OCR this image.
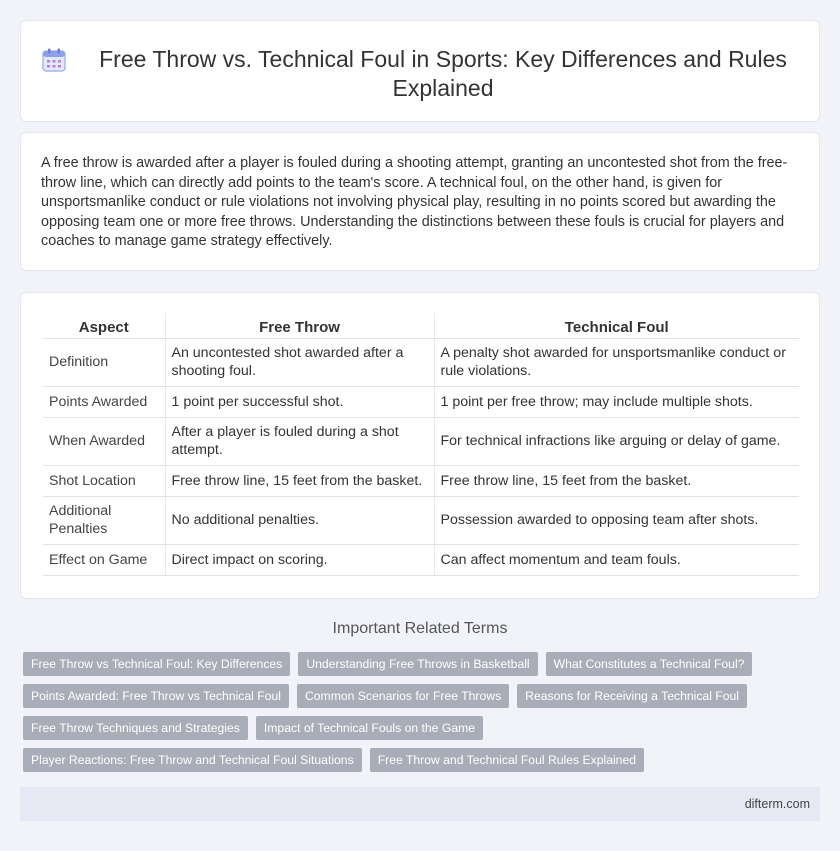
Free Throw vs. Technical Foul in Sports: Key Differences and Rules Explained

A free throw is awarded after a player is fouled during a shooting attempt, granting an uncontested shot from the free-throw line, which can directly add points to the team's score. A technical foul, on the other hand, is given for unsportsmanlike conduct or rule violations not involving physical play, resulting in no points scored but awarding the opposing team one or more free throws. Understanding the distinctions between these fouls is crucial for players and coaches to manage game strategy effectively.

Aspect	Free Throw	Technical Foul
Definition	An uncontested shot awarded after a shooting foul.	A penalty shot awarded for unsportsmanlike conduct or rule violations.
Points Awarded	1 point per successful shot.	1 point per free throw; may include multiple shots.
When Awarded	After a player is fouled during a shot attempt.	For technical infractions like arguing or delay of game.
Shot Location	Free throw line, 15 feet from the basket.	Free throw line, 15 feet from the basket.
Additional Penalties	No additional penalties.	Possession awarded to opposing team after shots.
Effect on Game	Direct impact on scoring.	Can affect momentum and team fouls.
Important Related Terms
Free Throw vs Technical Foul: Key Differences	Understanding Free Throws in Basketball	What Constitutes a Technical Foul?
Points Awarded: Free Throw vs Technical Foul	Common Scenarios for Free Throws	Reasons for Receiving a Technical Foul
Free Throw Techniques and Strategies	Impact of Technical Fouls on the Game
Player Reactions: Free Throw and Technical Foul Situations	Free Throw and Technical Foul Rules Explained
difterm.com
